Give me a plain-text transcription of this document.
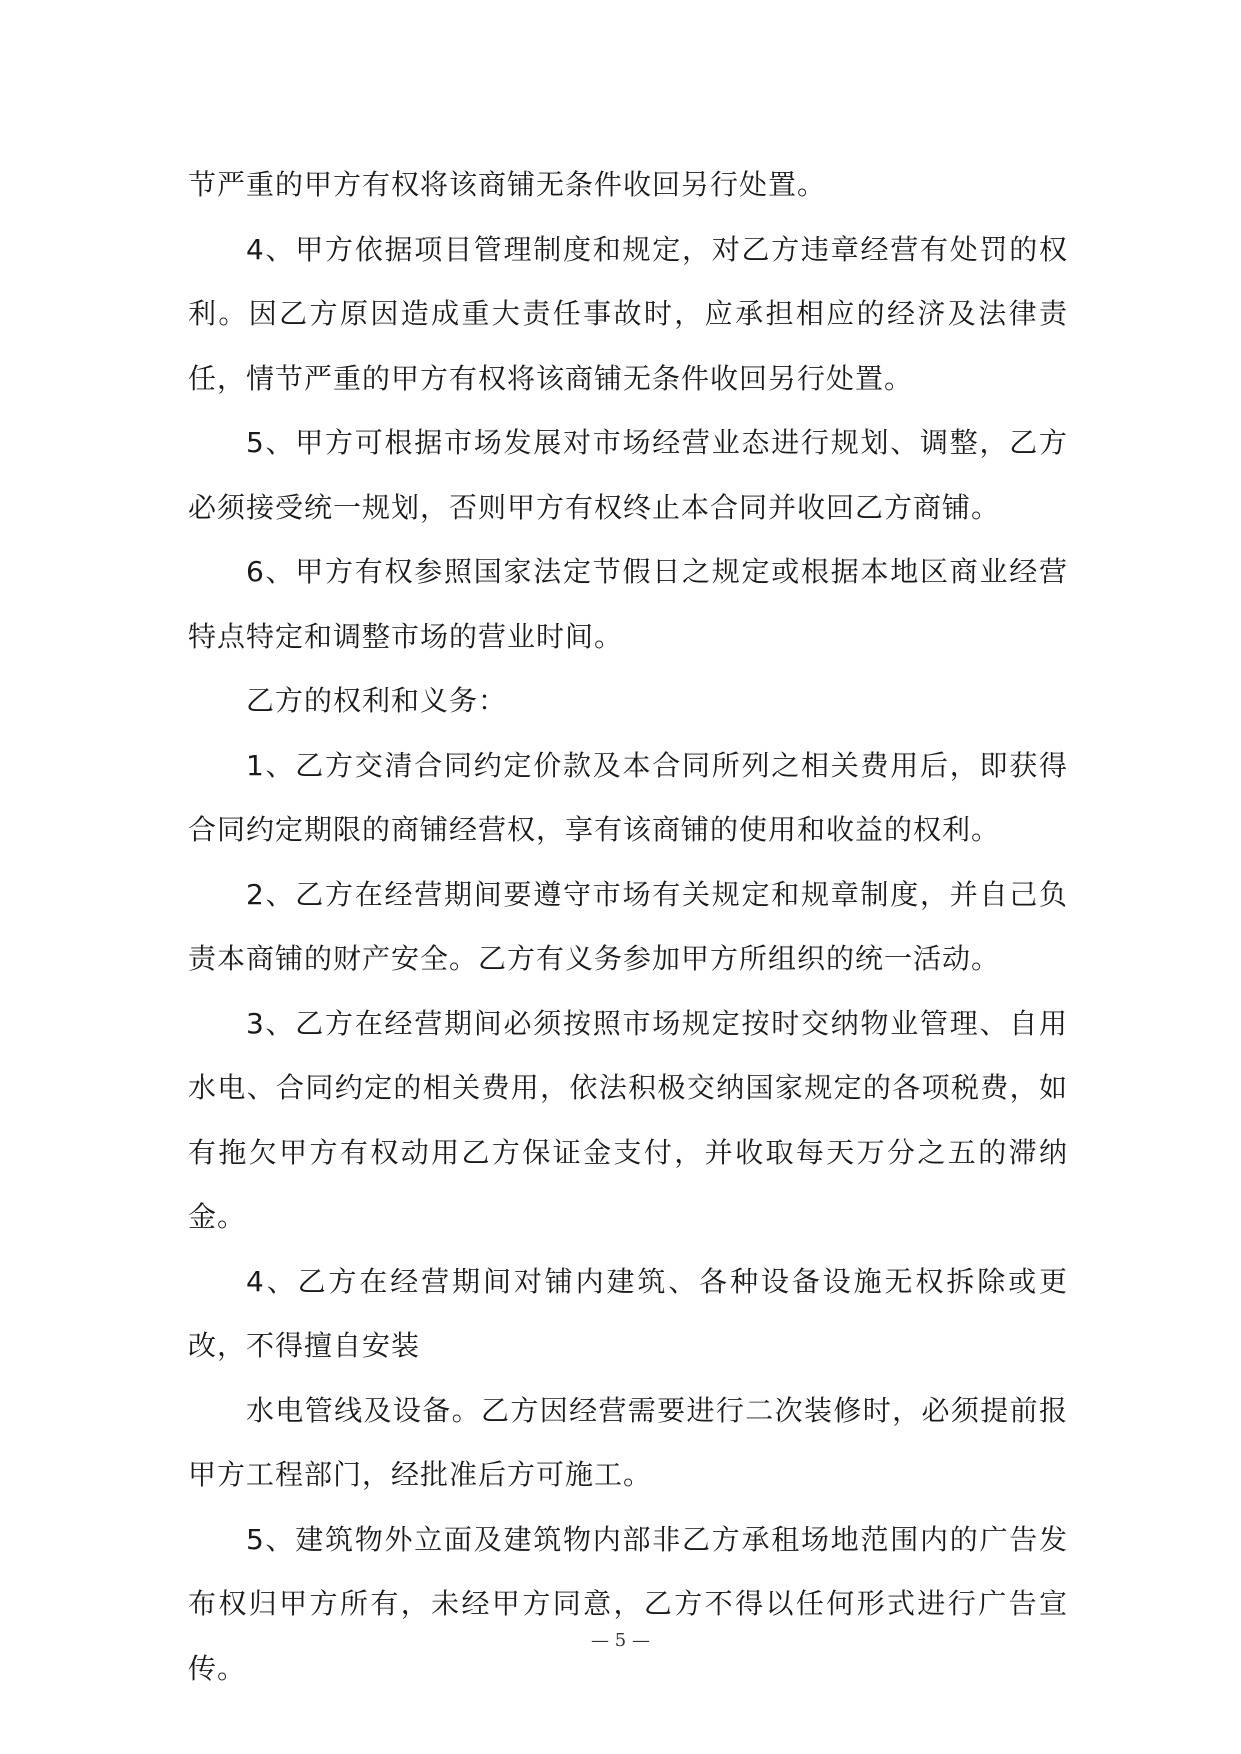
节严重的甲方有权将该商铺无条件收回另行处置。

4、甲方依据项目管理制度和规定，对乙方违章经营有处罚的权利。因乙方原因造成重大责任事故时，应承担相应的经济及法律责任，情节严重的甲方有权将该商铺无条件收回另行处置。

5、甲方可根据市场发展对市场经营业态进行规划、调整，乙方必须接受统一规划，否则甲方有权终止本合同并收回乙方商铺。

6、甲方有权参照国家法定节假日之规定或根据本地区商业经营特点特定和调整市场的营业时间。

乙方的权利和义务：

1、乙方交清合同约定价款及本合同所列之相关费用后，即获得合同约定期限的商铺经营权，享有该商铺的使用和收益的权利。

2、乙方在经营期间要遵守市场有关规定和规章制度，并自己负责本商铺的财产安全。乙方有义务参加甲方所组织的统一活动。

3、乙方在经营期间必须按照市场规定按时交纳物业管理、自用水电、合同约定的相关费用，依法积极交纳国家规定的各项税费，如有拖欠甲方有权动用乙方保证金支付，并收取每天万分之五的滞纳金。

4、乙方在经营期间对铺内建筑、各种设备设施无权拆除或更改，不得擅自安装

水电管线及设备。乙方因经营需要进行二次装修时，必须提前报甲方工程部门，经批准后方可施工。

5、建筑物外立面及建筑物内部非乙方承租场地范围内的广告发布权归甲方所有，未经甲方同意，乙方不得以任何形式进行广告宣传。

— 5 —
